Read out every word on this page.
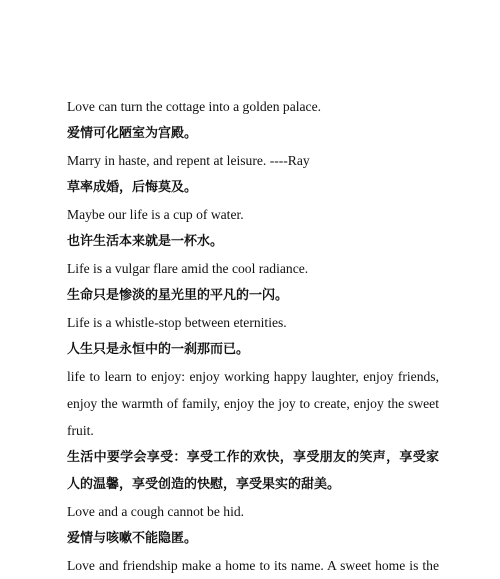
Love can turn the cottage into a golden palace.

爱情可化陋室为宫殿。

Marry in haste, and repent at leisure. ----Ray

草率成婚，后悔莫及。

Maybe our life is a cup of water.

也许生活本来就是一杯水。

Life is a vulgar flare amid the cool radiance.

生命只是惨淡的星光里的平凡的一闪。

Life is a whistle-stop between eternities.

人生只是永恒中的一刹那而已。

life to learn to enjoy: enjoy working happy laughter, enjoy friends,

enjoy the warmth of family, enjoy the joy to create, enjoy the sweet

fruit.

生活中要学会享受：享受工作的欢快，享受朋友的笑声，享受家

人的温馨，享受创造的快慰，享受果实的甜美。

Love and a cough cannot be hid.

爱情与咳嗽不能隐匿。

Love and friendship make a home to its name. A sweet home is the
